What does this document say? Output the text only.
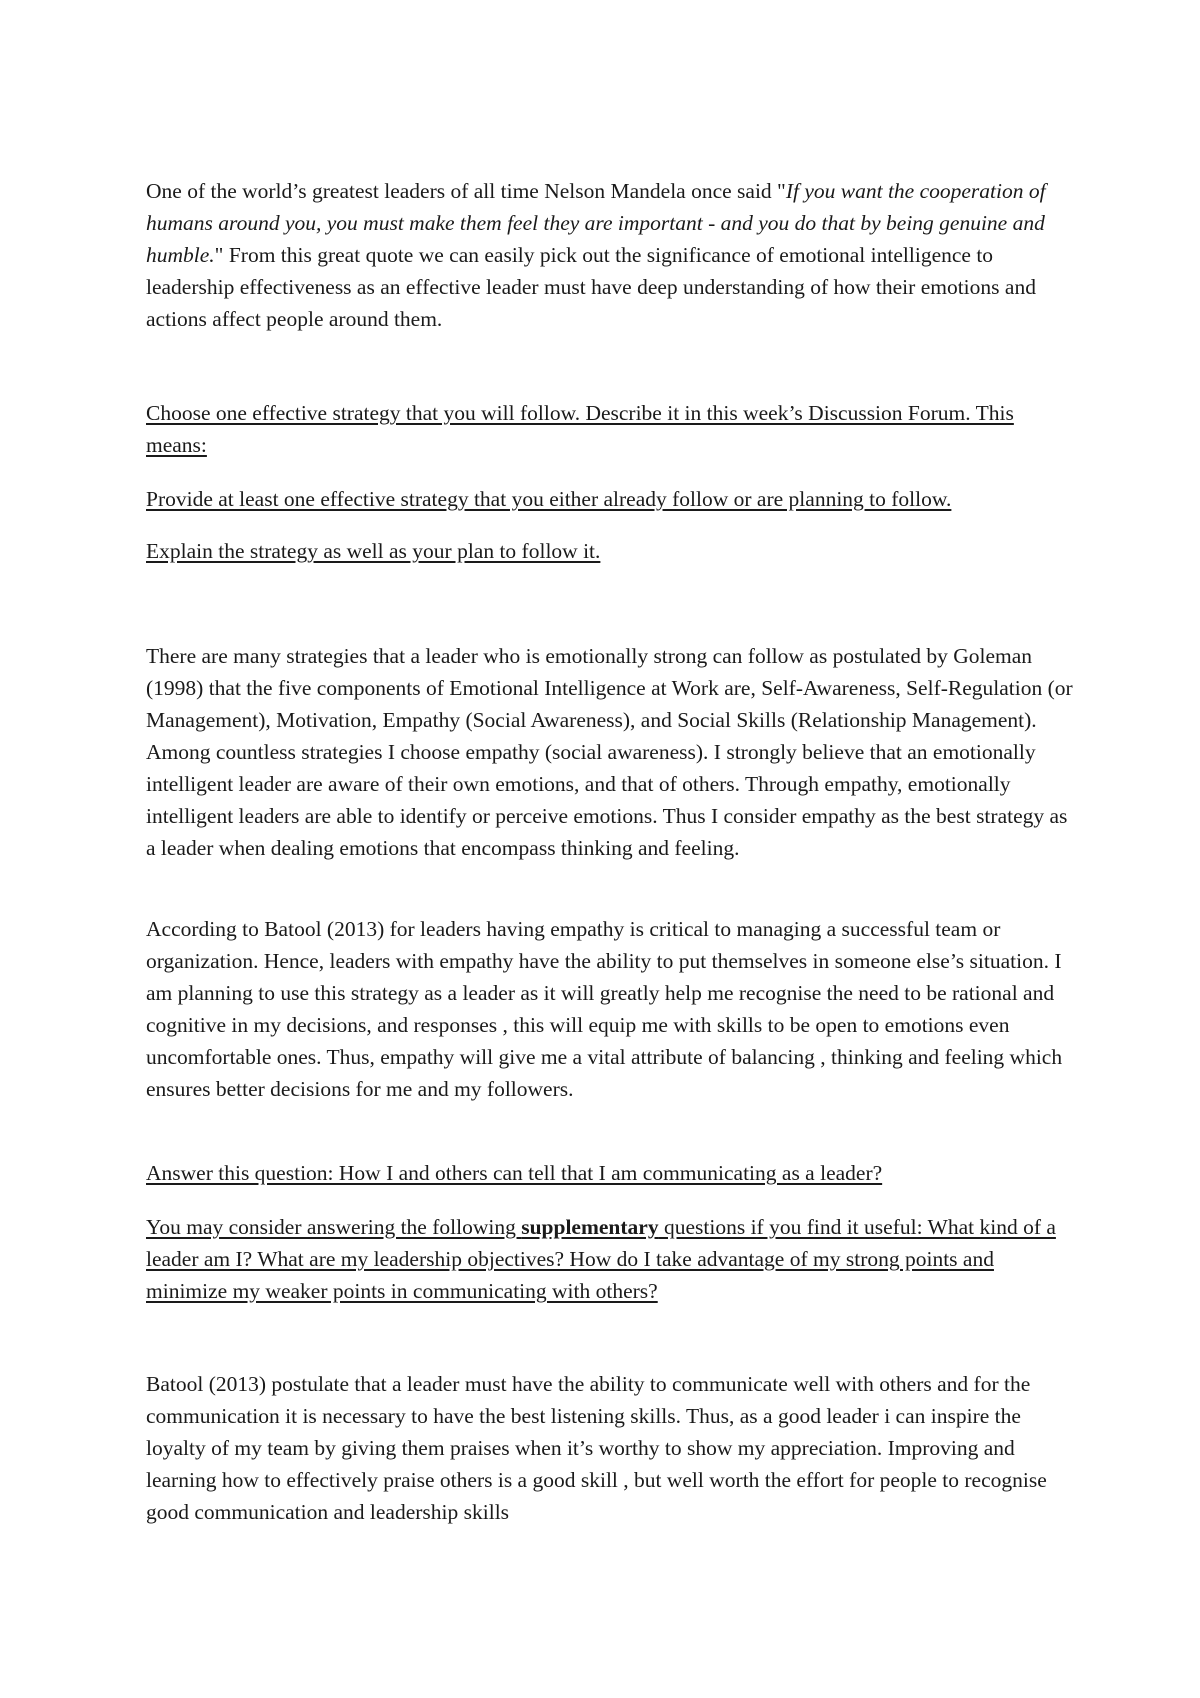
One of the world’s greatest leaders of all time Nelson Mandela once said "If you want the cooperation of humans around you, you must make them feel they are important - and you do that by being genuine and humble." From this great quote we can easily pick out the significance of emotional intelligence to leadership effectiveness as an effective leader must have deep understanding of how their emotions and actions affect people around them.

Choose one effective strategy that you will follow. Describe it in this week’s Discussion Forum. This means:

Provide at least one effective strategy that you either already follow or are planning to follow.

Explain the strategy as well as your plan to follow it.

There are many strategies that a leader who is emotionally strong can follow as postulated by Goleman (1998) that the five components of Emotional Intelligence at Work are, Self-Awareness, Self-Regulation (or Management), Motivation, Empathy (Social Awareness), and Social Skills (Relationship Management). Among countless strategies I choose empathy (social awareness). I strongly believe that an emotionally intelligent leader are aware of their own emotions, and that of others. Through empathy, emotionally intelligent leaders are able to identify or perceive emotions. Thus I consider empathy as the best strategy as a leader when dealing emotions that encompass thinking and feeling.

According to Batool (2013) for leaders having empathy is critical to managing a successful team or organization. Hence, leaders with empathy have the ability to put themselves in someone else’s situation. I am planning to use this strategy as a leader as it will greatly help me recognise the need to be rational and cognitive in my decisions, and responses , this will equip me with skills to be open to emotions even uncomfortable ones. Thus, empathy will give me a vital attribute of balancing , thinking and feeling which ensures better decisions for me and my followers.

Answer this question: How I and others can tell that I am communicating as a leader?

You may consider answering the following supplementary questions if you find it useful: What kind of a leader am I? What are my leadership objectives? How do I take advantage of my strong points and minimize my weaker points in communicating with others?

Batool (2013) postulate that a leader must have the ability to communicate well with others and for the communication it is necessary to have the best listening skills. Thus, as a good leader i can inspire the loyalty of my team by giving them praises when it’s worthy to show my appreciation. Improving and learning how to effectively praise others is a good skill , but well worth the effort for people to recognise good communication and leadership skills
